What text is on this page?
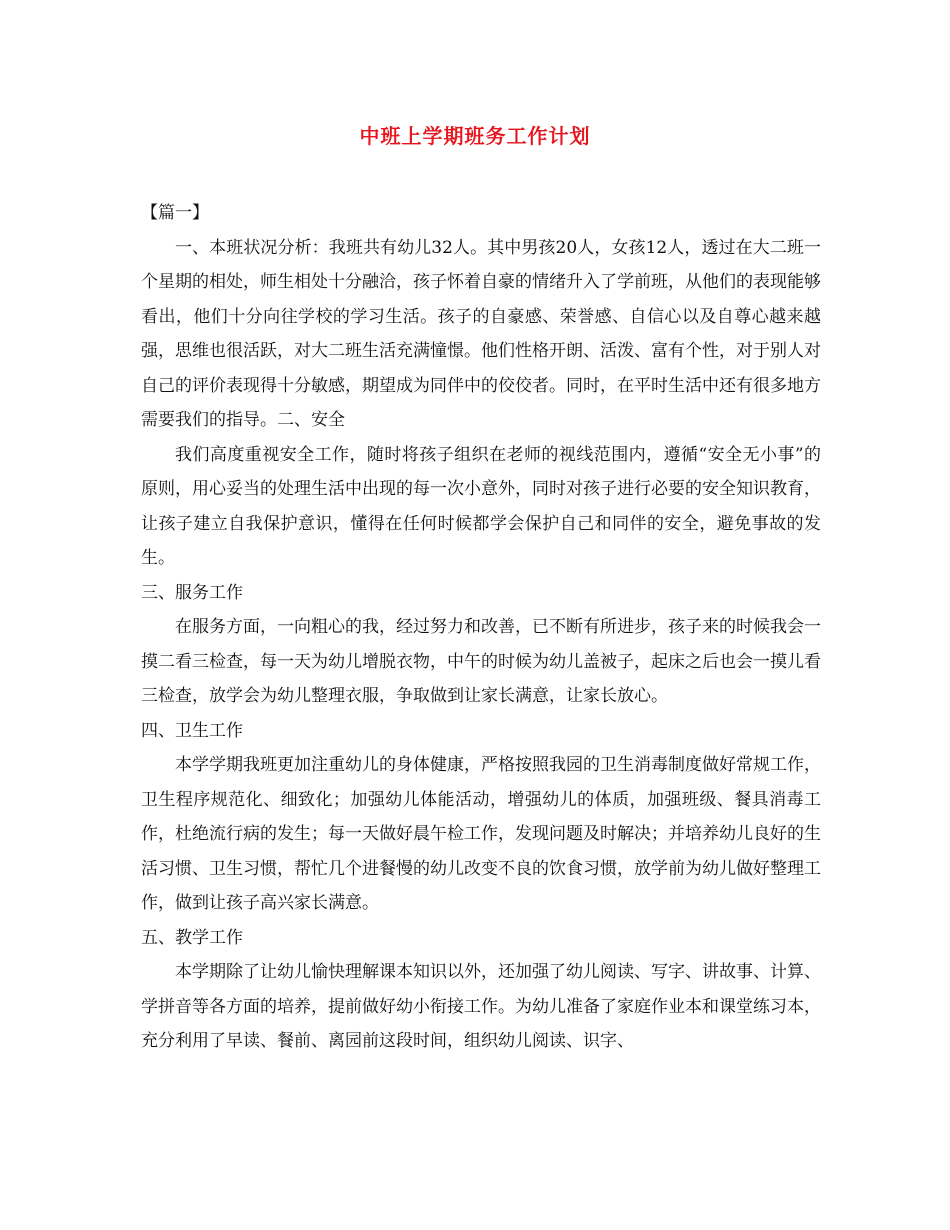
中班上学期班务工作计划

【篇一】

一、本班状况分析：我班共有幼儿32人。其中男孩20人，女孩12人，透过在大二班一个星期的相处，师生相处十分融洽，孩子怀着自豪的情绪升入了学前班，从他们的表现能够看出，他们十分向往学校的学习生活。孩子的自豪感、荣誉感、自信心以及自尊心越来越强，思维也很活跃，对大二班生活充满憧憬。他们性格开朗、活泼、富有个性，对于别人对自己的评价表现得十分敏感，期望成为同伴中的佼佼者。同时，在平时生活中还有很多地方需要我们的指导。二、安全

我们高度重视安全工作，随时将孩子组织在老师的视线范围内，遵循“安全无小事”的原则，用心妥当的处理生活中出现的每一次小意外，同时对孩子进行必要的安全知识教育，让孩子建立自我保护意识，懂得在任何时候都学会保护自己和同伴的安全，避免事故的发生。

三、服务工作

在服务方面，一向粗心的我，经过努力和改善，已不断有所进步，孩子来的时候我会一摸二看三检查，每一天为幼儿增脱衣物，中午的时候为幼儿盖被子，起床之后也会一摸儿看三检查，放学会为幼儿整理衣服，争取做到让家长满意，让家长放心。

四、卫生工作

本学学期我班更加注重幼儿的身体健康，严格按照我园的卫生消毒制度做好常规工作，卫生程序规范化、细致化；加强幼儿体能活动，增强幼儿的体质，加强班级、餐具消毒工作，杜绝流行病的发生；每一天做好晨午检工作，发现问题及时解决；并培养幼儿良好的生活习惯、卫生习惯，帮忙几个进餐慢的幼儿改变不良的饮食习惯，放学前为幼儿做好整理工作，做到让孩子高兴家长满意。

五、教学工作

本学期除了让幼儿愉快理解课本知识以外，还加强了幼儿阅读、写字、讲故事、计算、学拼音等各方面的培养，提前做好幼小衔接工作。为幼儿准备了家庭作业本和课堂练习本，充分利用了早读、餐前、离园前这段时间，组织幼儿阅读、识字、
